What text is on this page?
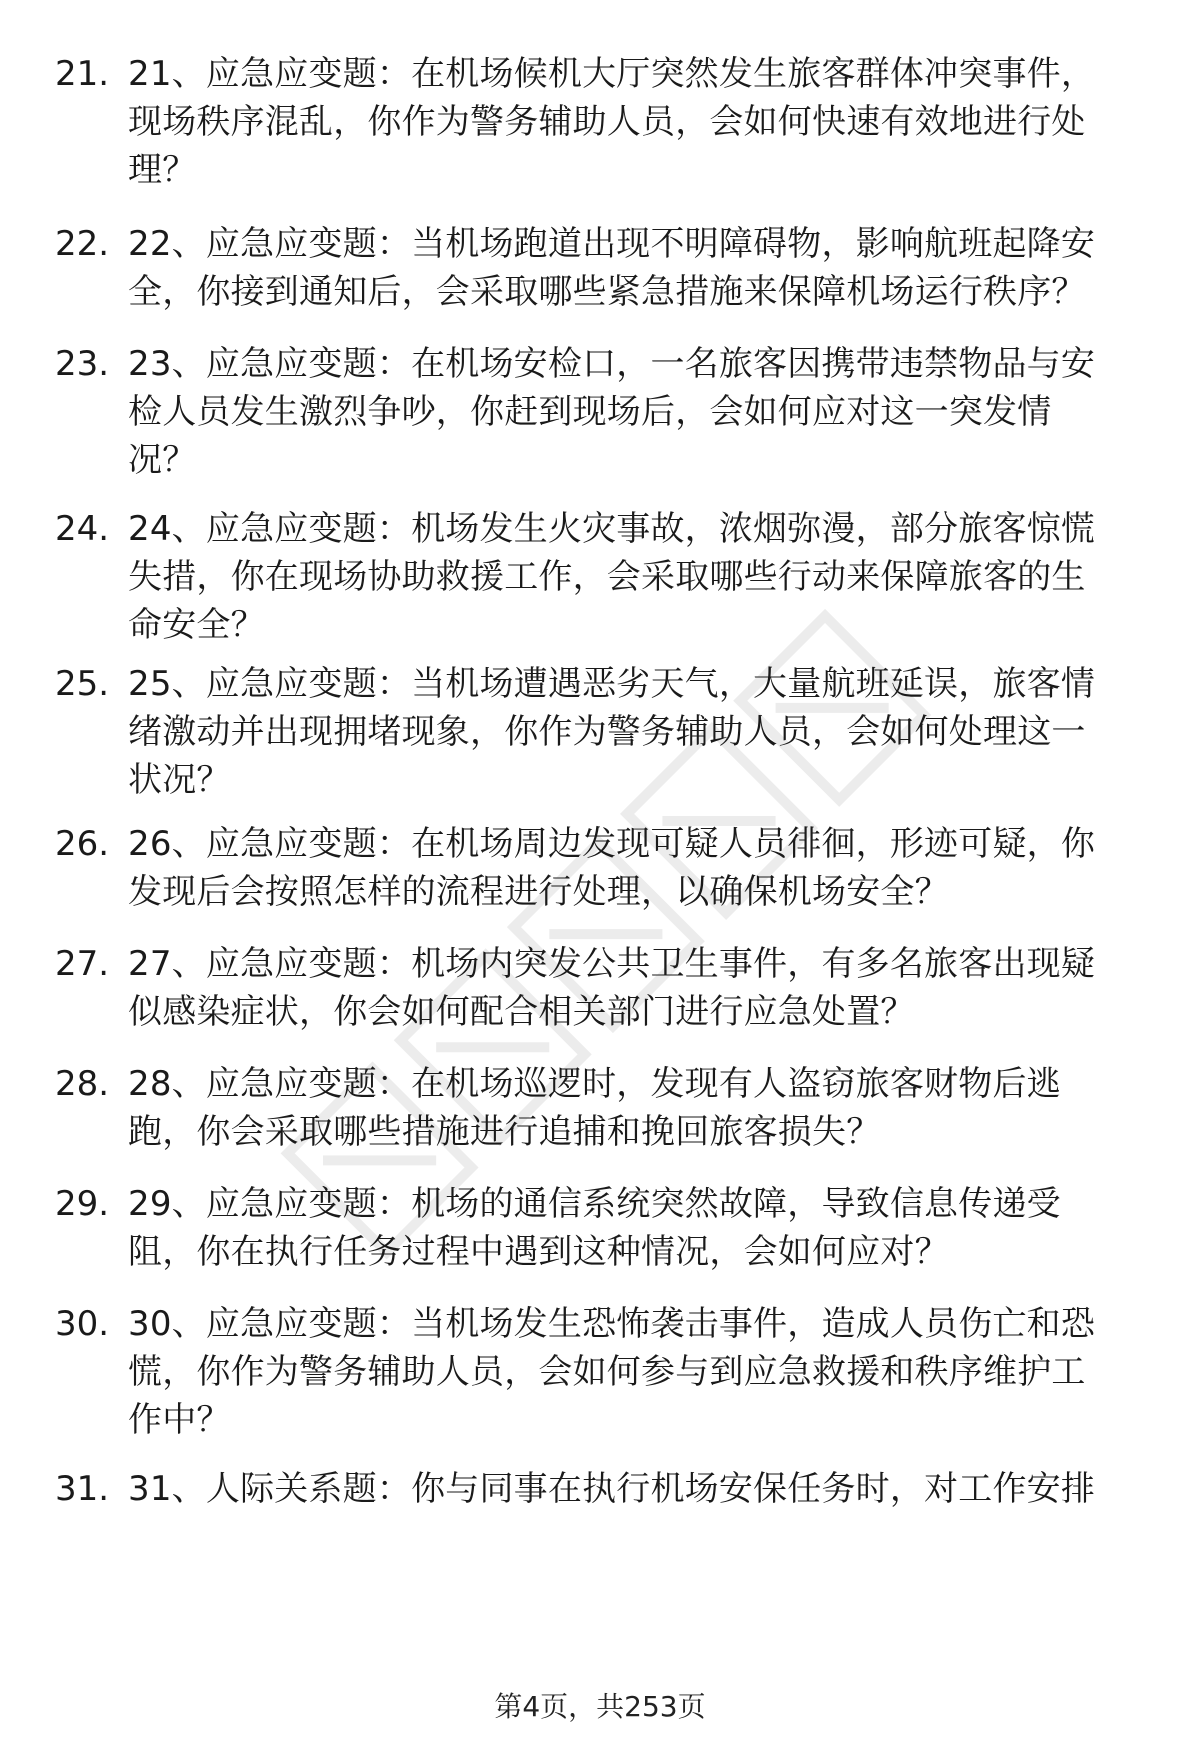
21. 21、应急应变题：在机场候机大厅突然发生旅客群体冲突事件，
现场秩序混乱，你作为警务辅助人员，会如何快速有效地进行处
理？
22. 22、应急应变题：当机场跑道出现不明障碍物，影响航班起降安
全，你接到通知后，会采取哪些紧急措施来保障机场运行秩序？
23. 23、应急应变题：在机场安检口，一名旅客因携带违禁物品与安
检人员发生激烈争吵，你赶到现场后，会如何应对这一突发情
况？
24. 24、应急应变题：机场发生火灾事故，浓烟弥漫，部分旅客惊慌
失措，你在现场协助救援工作，会采取哪些行动来保障旅客的生
命安全？
25. 25、应急应变题：当机场遭遇恶劣天气，大量航班延误，旅客情
绪激动并出现拥堵现象，你作为警务辅助人员，会如何处理这一
状况？
26. 26、应急应变题：在机场周边发现可疑人员徘徊，形迹可疑，你
发现后会按照怎样的流程进行处理，以确保机场安全？
27. 27、应急应变题：机场内突发公共卫生事件，有多名旅客出现疑
似感染症状，你会如何配合相关部门进行应急处置？
28. 28、应急应变题：在机场巡逻时，发现有人盗窃旅客财物后逃
跑，你会采取哪些措施进行追捕和挽回旅客损失？
29. 29、应急应变题：机场的通信系统突然故障，导致信息传递受
阻，你在执行任务过程中遇到这种情况，会如何应对？
30. 30、应急应变题：当机场发生恐怖袭击事件，造成人员伤亡和恐
慌，你作为警务辅助人员，会如何参与到应急救援和秩序维护工
作中？
31. 31、人际关系题：你与同事在执行机场安保任务时，对工作安排
第4页，共253页
